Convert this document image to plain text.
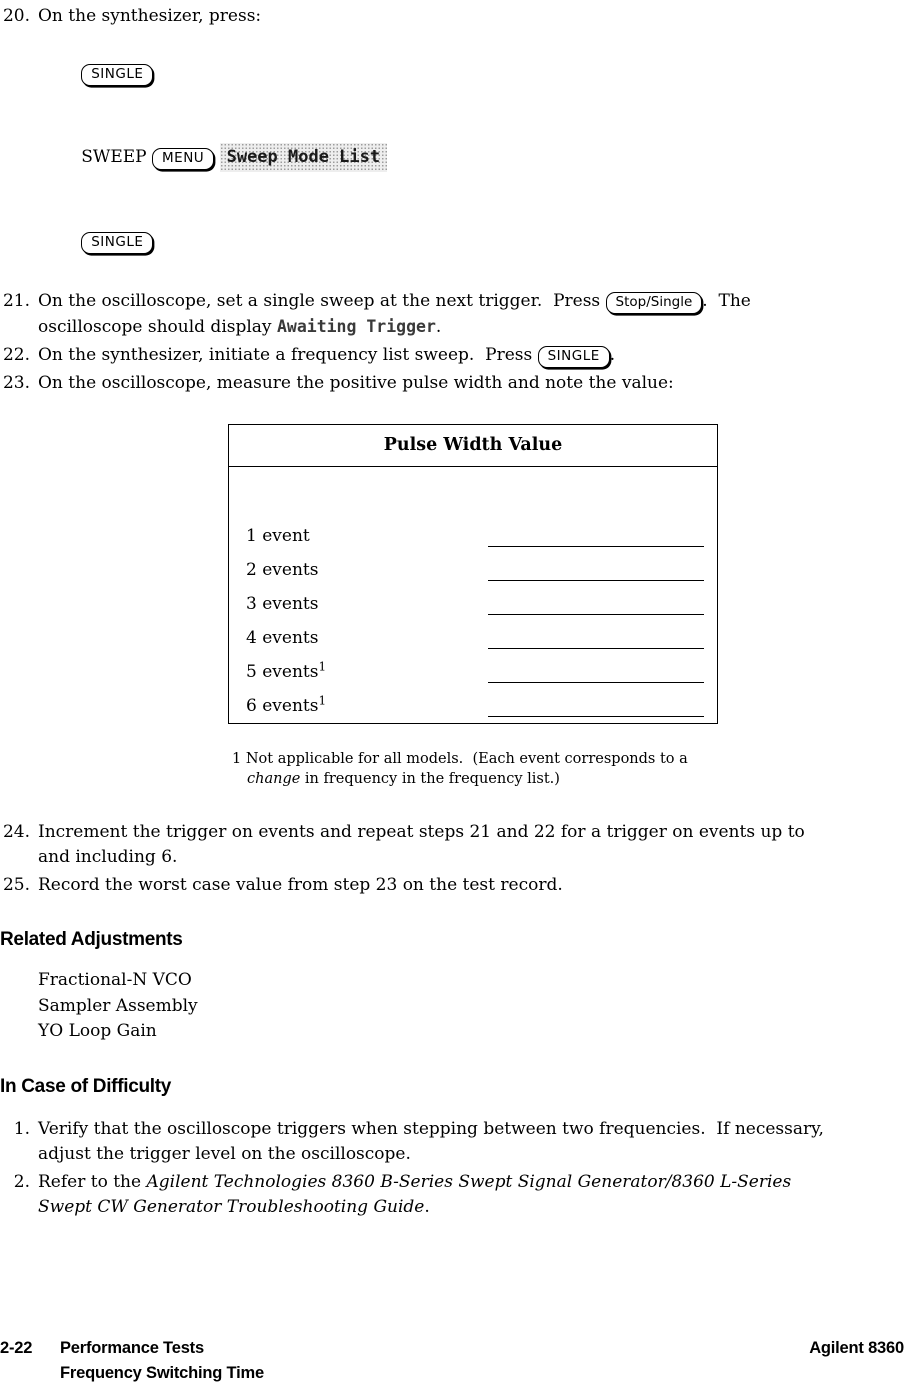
20. On the synthesizer, press:

SINGLE

SWEEP MENU Sweep Mode List

SINGLE

21. On the oscilloscope, set a single sweep at the next trigger.  Press Stop/Single .  The
oscilloscope should display Awaiting Trigger.
22. On the synthesizer, initiate a frequency list sweep.  Press SINGLE .
23. On the oscilloscope, measure the positive pulse width and note the value:
Pulse Width Value
1 event
2 events
3 events
4 events
5 events$^1$
6 events$^1$
1 Not applicable for all models.  (Each event corresponds to a
change in frequency in the frequency list.)
24. Increment the trigger on events and repeat steps 21 and 22 for a trigger on events up to
and including 6.
25. Record the worst case value from step 23 on the test record.
Related Adjustments
Fractional-N VCO
Sampler Assembly
YO Loop Gain
In Case of Difficulty
1. Verify that the oscilloscope triggers when stepping between two frequencies.  If necessary,
adjust the trigger level on the oscilloscope.
2. Refer to the Agilent Technologies 8360 B-Series Swept Signal Generator/8360 L-Series
Swept CW Generator Troubleshooting Guide.
2-22	Performance Tests
Frequency Switching Time
Agilent 8360
